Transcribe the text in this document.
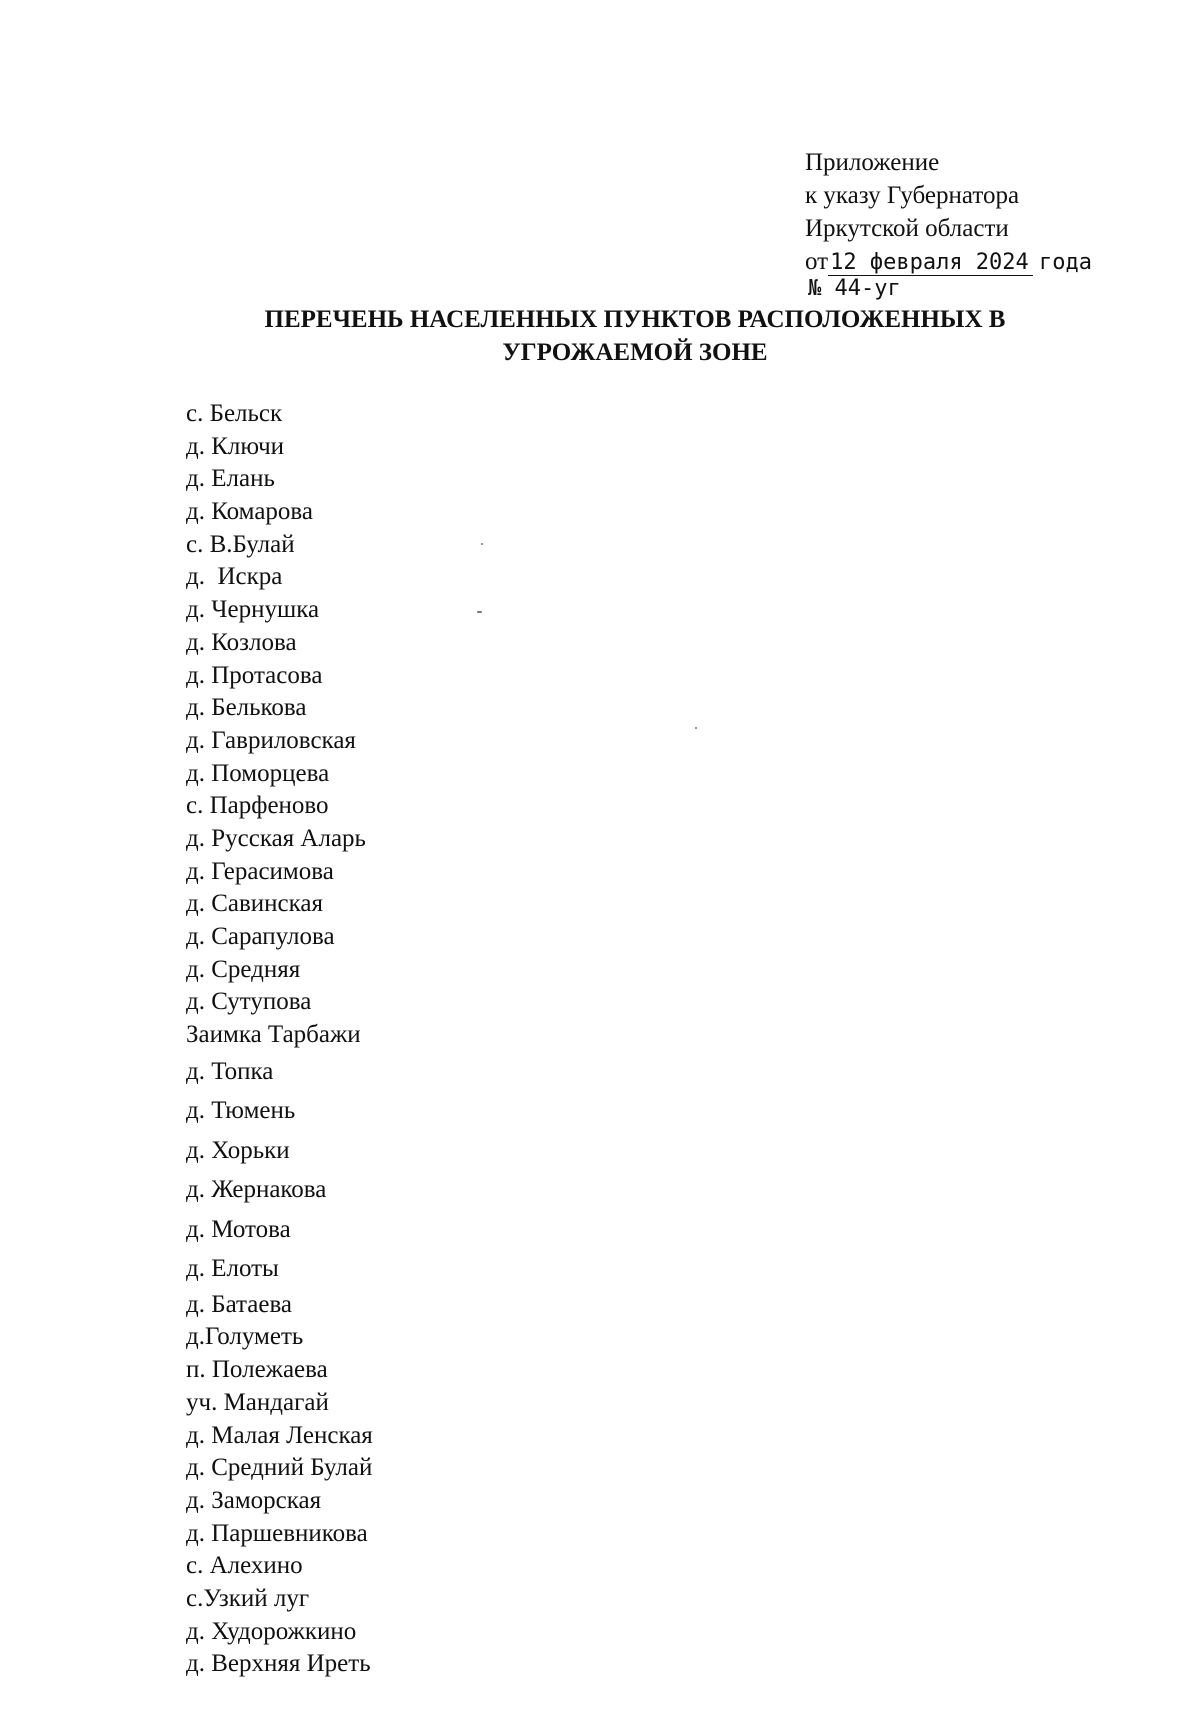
Приложение
к указу Губернатора
Иркутской области
от12 февраля 2024 года
№ 44-уг
ПЕРЕЧЕНЬ НАСЕЛЕННЫХ ПУНКТОВ РАСПОЛОЖЕННЫХ В
УГРОЖАЕМОЙ ЗОНЕ
с. Бельск
д. Ключи
д. Елань
д. Комарова
с. В.Булай
д.  Искра
д. Чернушка
д. Козлова
д. Протасова
д. Белькова
д. Гавриловская
д. Поморцева
с. Парфеново
д. Русская Аларь
д. Герасимова
д. Савинская
д. Сарапулова
д. Средняя
д. Сутупова
Заимка Тарбажи
д. Топка
д. Тюмень
д. Хорьки
д. Жернакова
д. Мотова
д. Елоты
д. Батаева
д.Голуметь
п. Полежаева
уч. Мандагай
д. Малая Ленская
д. Средний Булай
д. Заморская
д. Паршевникова
с. Алехино
с.Узкий луг
д. Худорожкино
д. Верхняя Иреть
